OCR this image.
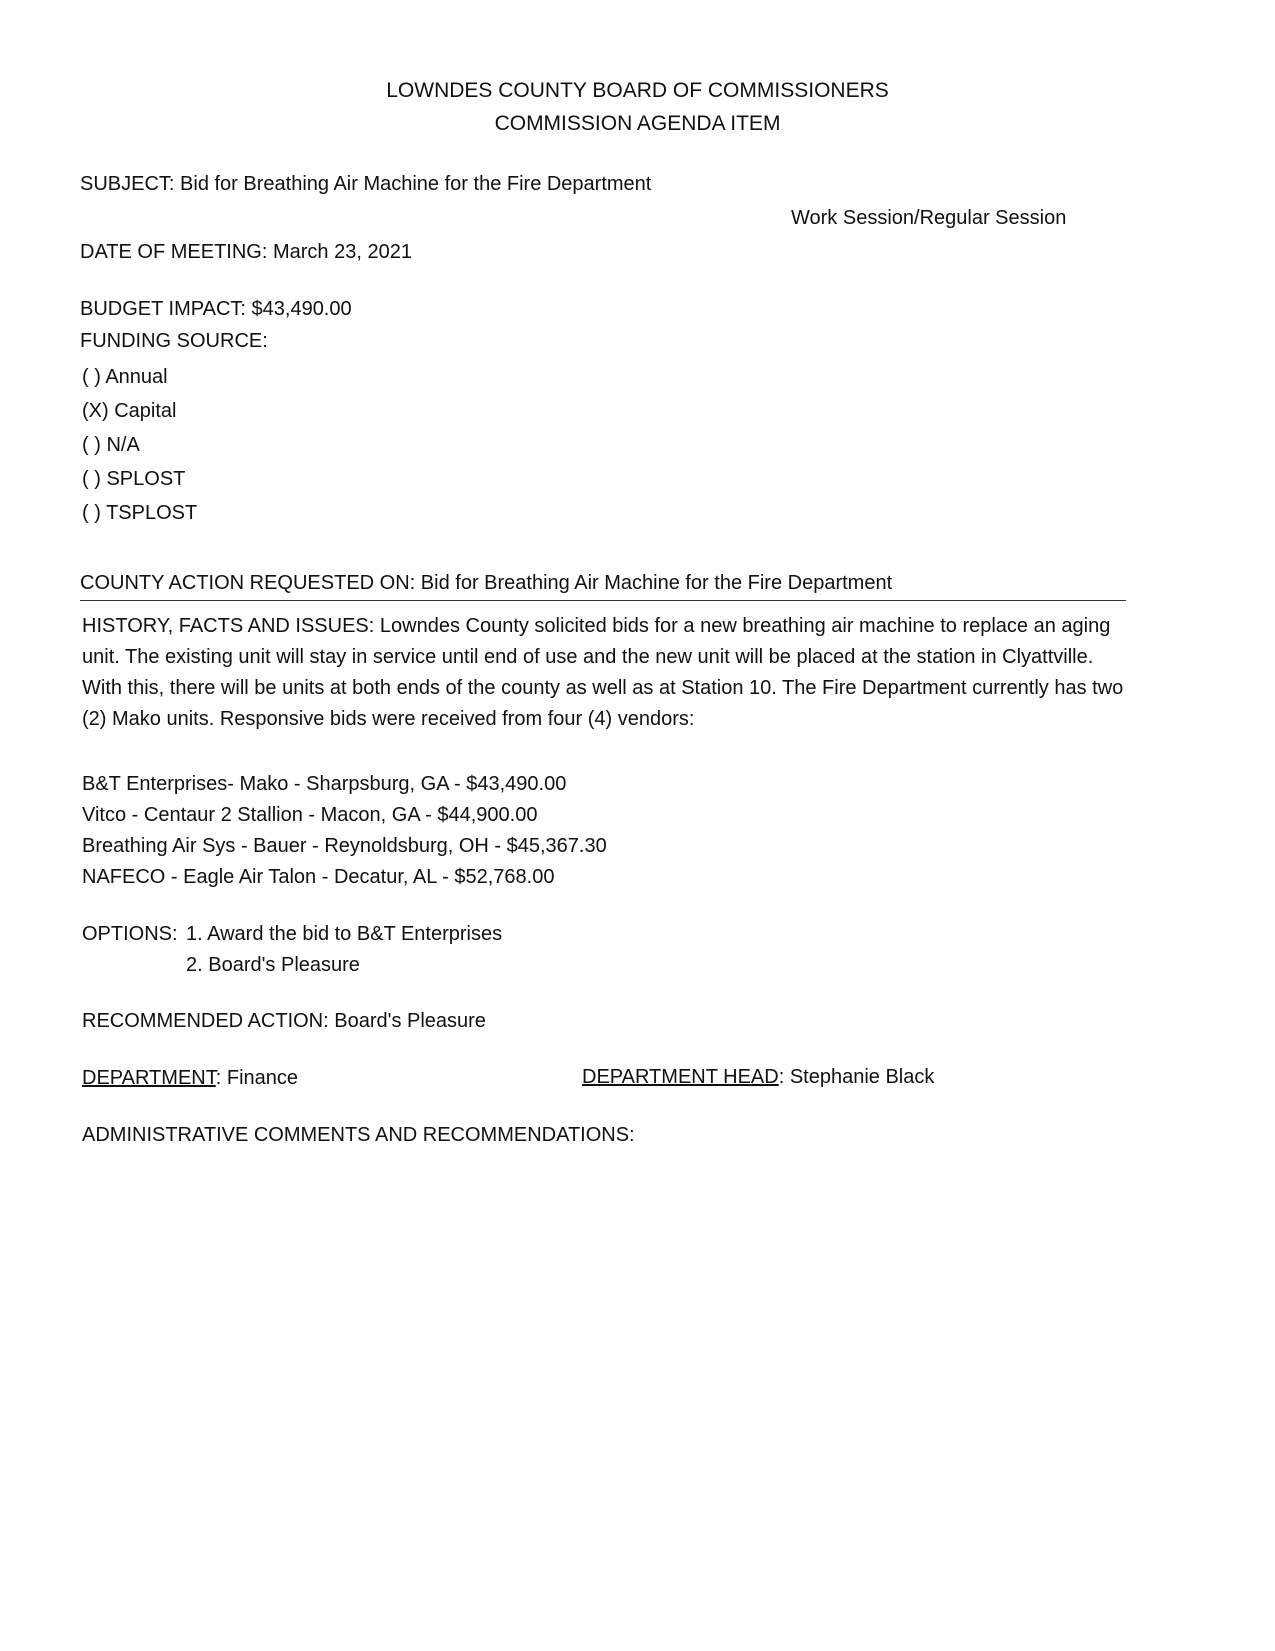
LOWNDES COUNTY BOARD OF COMMISSIONERS
COMMISSION AGENDA ITEM
SUBJECT: Bid for Breathing Air Machine for the Fire Department
Work Session/Regular Session
DATE OF MEETING: March 23, 2021
BUDGET IMPACT: $43,490.00
FUNDING SOURCE:
( ) Annual
(X) Capital
( ) N/A
( ) SPLOST
( ) TSPLOST
COUNTY ACTION REQUESTED ON: Bid for Breathing Air Machine for the Fire Department
HISTORY, FACTS AND ISSUES: Lowndes County solicited bids for a new breathing air machine to replace an aging unit. The existing unit will stay in service until end of use and the new unit will be placed at the station in Clyattville. With this, there will be units at both ends of the county as well as at Station 10. The Fire Department currently has two (2) Mako units. Responsive bids were received from four (4) vendors:
B&T Enterprises- Mako - Sharpsburg, GA - $43,490.00
Vitco - Centaur 2 Stallion - Macon, GA - $44,900.00
Breathing Air Sys - Bauer - Reynoldsburg, OH - $45,367.30
NAFECO - Eagle Air Talon - Decatur, AL - $52,768.00
OPTIONS: 1. Award the bid to B&T Enterprises
2. Board's Pleasure
RECOMMENDED ACTION: Board's Pleasure
DEPARTMENT: Finance	DEPARTMENT HEAD: Stephanie Black
ADMINISTRATIVE COMMENTS AND RECOMMENDATIONS:
